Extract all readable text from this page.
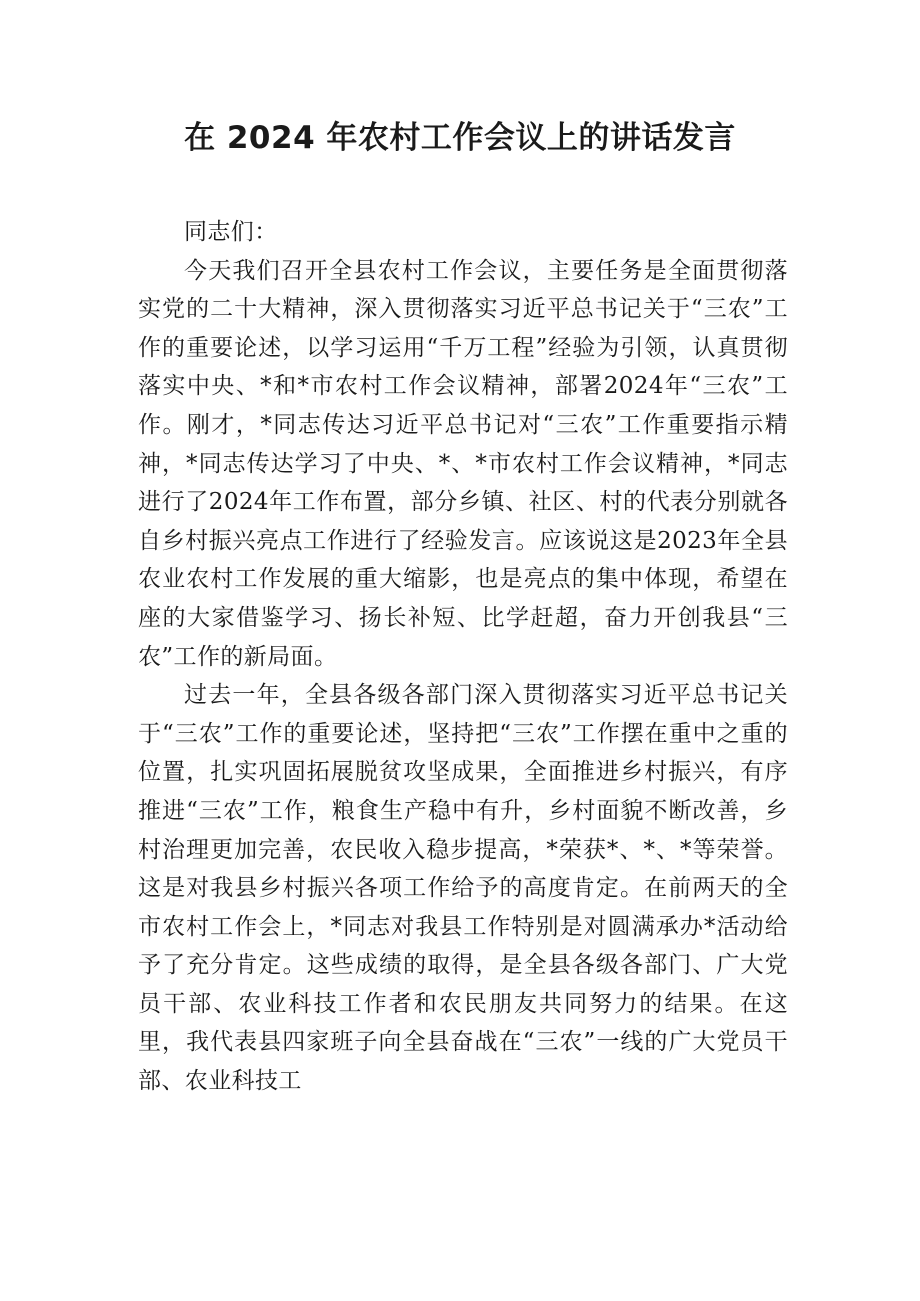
在 2024 年农村工作会议上的讲话发言

同志们：

今天我们召开全县农村工作会议，主要任务是全面贯彻落实党的二十大精神，深入贯彻落实习近平总书记关于“三农”工作的重要论述，以学习运用“千万工程”经验为引领，认真贯彻落实中央、*和*市农村工作会议精神，部署2024年“三农”工作。刚才，*同志传达习近平总书记对“三农”工作重要指示精神，*同志传达学习了中央、*、*市农村工作会议精神，*同志进行了2024年工作布置，部分乡镇、社区、村的代表分别就各自乡村振兴亮点工作进行了经验发言。应该说这是2023年全县农业农村工作发展的重大缩影，也是亮点的集中体现，希望在座的大家借鉴学习、扬长补短、比学赶超，奋力开创我县“三农”工作的新局面。

过去一年，全县各级各部门深入贯彻落实习近平总书记关于“三农”工作的重要论述，坚持把“三农”工作摆在重中之重的位置，扎实巩固拓展脱贫攻坚成果，全面推进乡村振兴，有序推进“三农”工作，粮食生产稳中有升，乡村面貌不断改善，乡村治理更加完善，农民收入稳步提高，*荣获*、*、*等荣誉。这是对我县乡村振兴各项工作给予的高度肯定。在前两天的全市农村工作会上，*同志对我县工作特别是对圆满承办*活动给予了充分肯定。这些成绩的取得，是全县各级各部门、广大党员干部、农业科技工作者和农民朋友共同努力的结果。在这里，我代表县四家班子向全县奋战在“三农”一线的广大党员干部、农业科技工
